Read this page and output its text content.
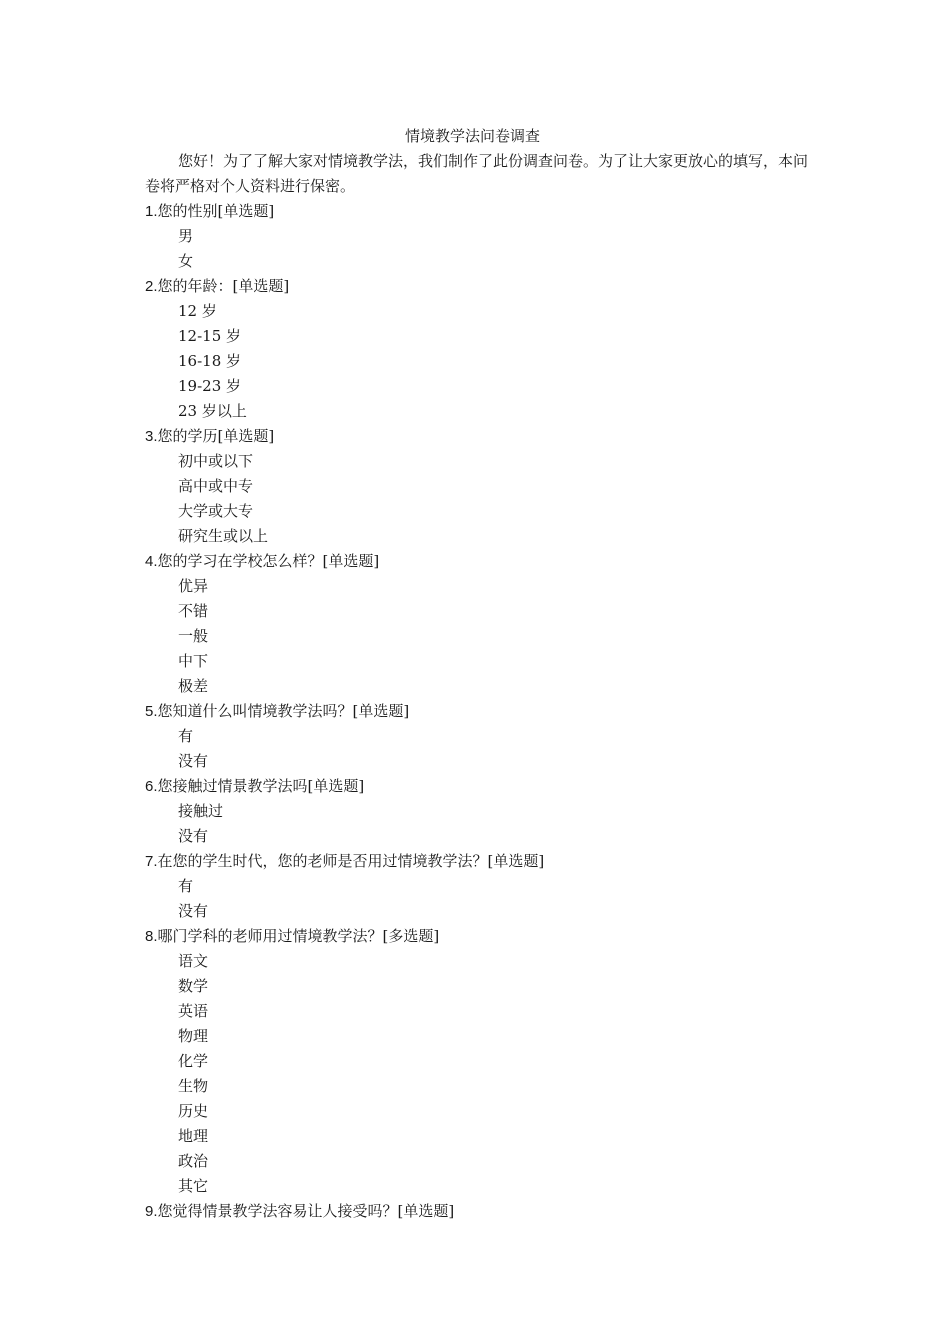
情境教学法问卷调查

您好！为了了解大家对情境教学法，我们制作了此份调查问卷。为了让大家更放心的填写，本问卷将严格对个人资料进行保密。

1.您的性别[单选题]

男
女

2.您的年龄：[单选题]

12 岁
12-15 岁
16-18 岁
19-23 岁
23 岁以上

3.您的学历[单选题]

初中或以下
高中或中专
大学或大专
研究生或以上

4.您的学习在学校怎么样？[单选题]

优异
不错
一般
中下
极差

5.您知道什么叫情境教学法吗？[单选题]

有
没有

6.您接触过情景教学法吗[单选题]

接触过
没有

7.在您的学生时代，您的老师是否用过情境教学法？[单选题]

有
没有

8.哪门学科的老师用过情境教学法？[多选题]

语文
数学
英语
物理
化学
生物
历史
地理
政治
其它

9.您觉得情景教学法容易让人接受吗？[单选题]
